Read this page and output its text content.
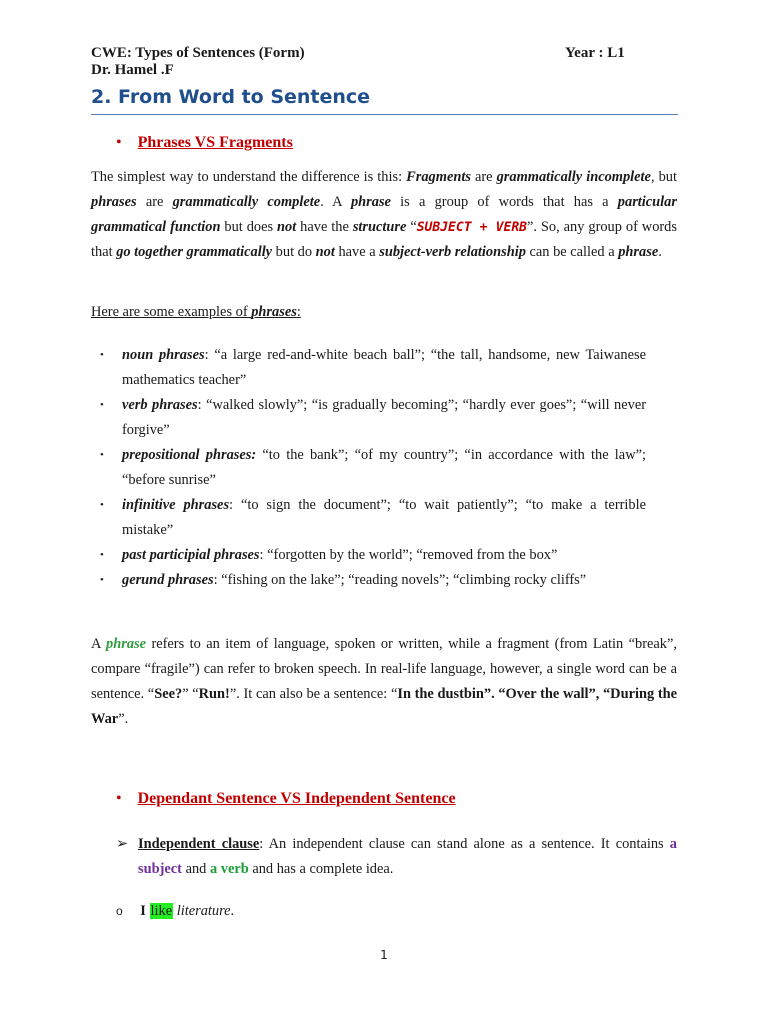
CWE: Types of Sentences (Form)	Year : L1
Dr. Hamel .F
2. From Word to Sentence
• Phrases VS Fragments
The simplest way to understand the difference is this: Fragments are grammatically incomplete, but phrases are grammatically complete. A phrase is a group of words that has a particular grammatical function but does not have the structure “SUBJECT + VERB”. So, any group of words that go together grammatically but do not have a subject-verb relationship can be called a phrase.
Here are some examples of phrases:
• noun phrases: “a large red-and-white beach ball”; “the tall, handsome, new Taiwanese mathematics teacher”
• verb phrases: “walked slowly”; “is gradually becoming”; “hardly ever goes”; “will never forgive”
• prepositional phrases: “to the bank”; “of my country”; “in accordance with the law”; “before sunrise”
• infinitive phrases: “to sign the document”; “to wait patiently”; “to make a terrible mistake”
• past participial phrases: “forgotten by the world”; “removed from the box”
• gerund phrases: “fishing on the lake”; “reading novels”; “climbing rocky cliffs”
A phrase refers to an item of language, spoken or written, while a fragment (from Latin “break”, compare “fragile”) can refer to broken speech. In real-life language, however, a single word can be a sentence. “See?” “Run!”. It can also be a sentence: “In the dustbin”. “Over the wall”, “During the War”.
• Dependant Sentence VS Independent Sentence
➢ Independent clause: An independent clause can stand alone as a sentence. It contains a subject and a verb and has a complete idea.
o I like literature.
1
